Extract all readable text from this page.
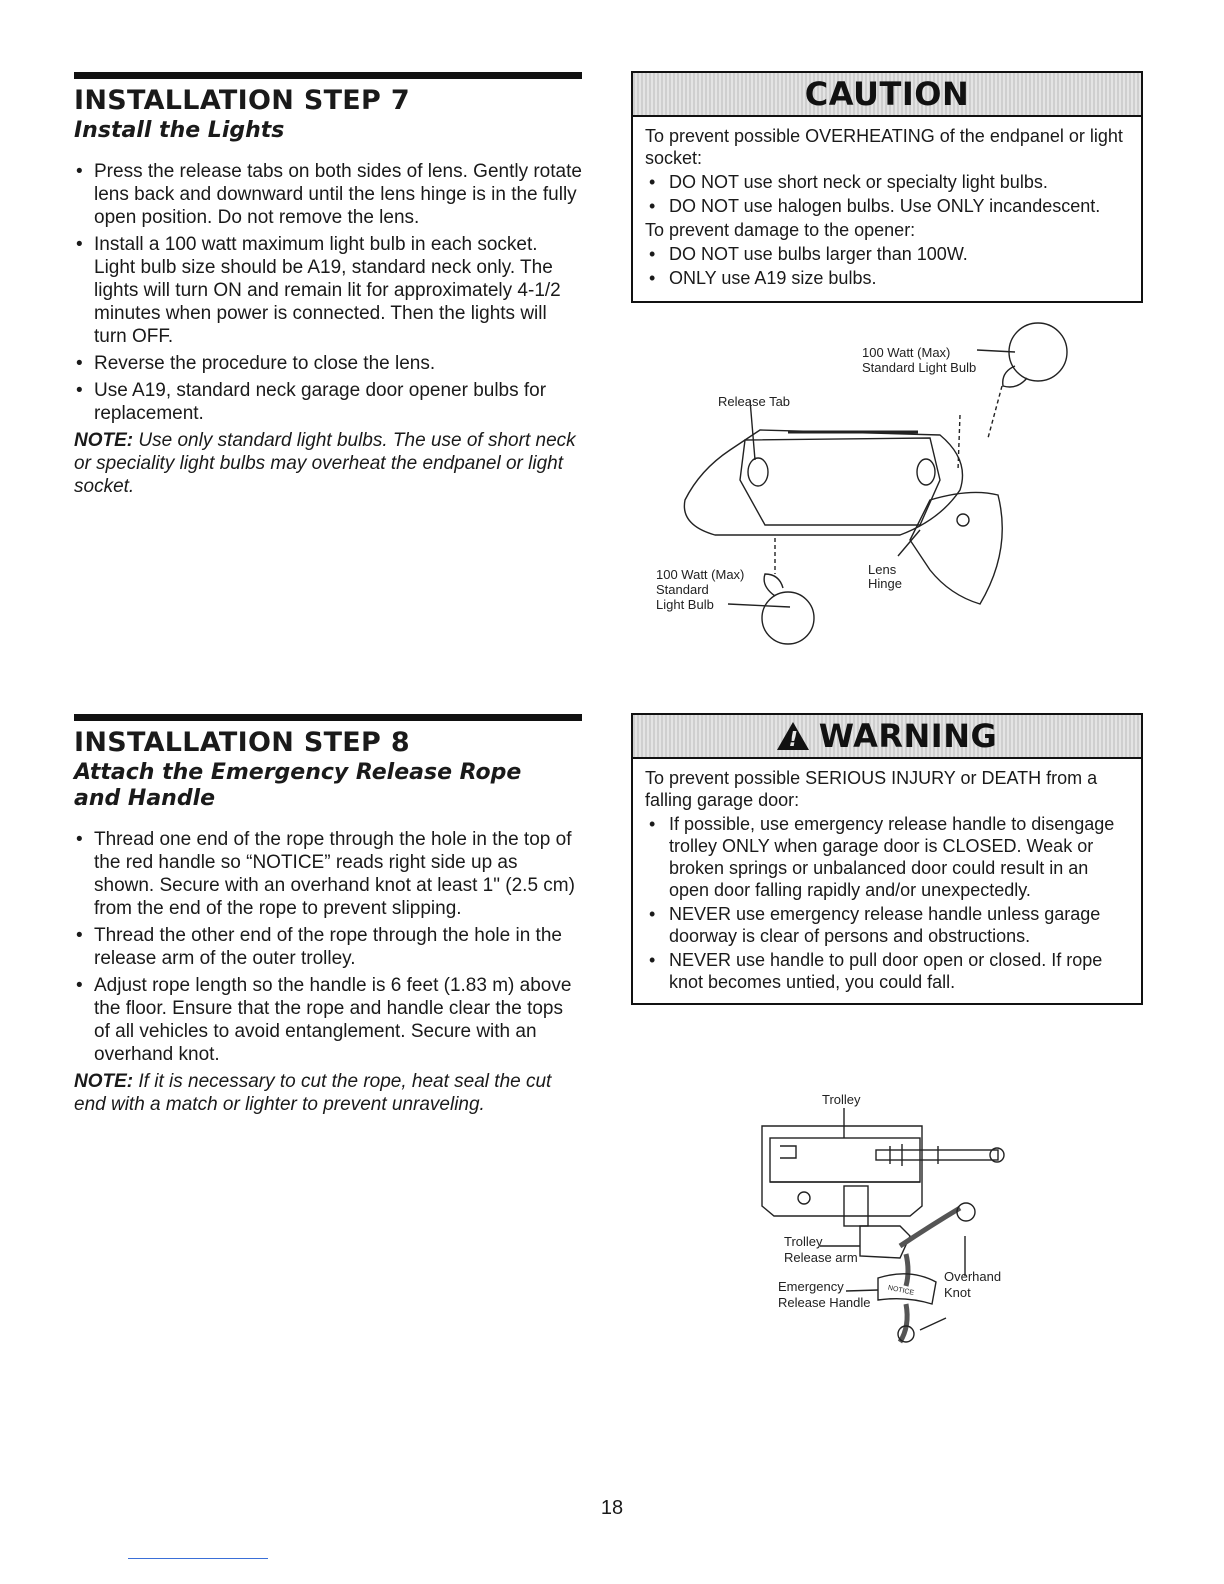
INSTALLATION STEP 7
Install the Lights
• Press the release tabs on both sides of lens. Gently rotate lens back and downward until the lens hinge is in the fully open position. Do not remove the lens.
• Install a 100 watt maximum light bulb in each socket. Light bulb size should be A19, standard neck only. The lights will turn ON and remain lit for approximately 4-1/2 minutes when power is connected. Then the lights will turn OFF.
• Reverse the procedure to close the lens.
• Use A19, standard neck garage door opener bulbs for replacement.
NOTE: Use only standard light bulbs. The use of short neck or speciality light bulbs may overheat the endpanel or light socket.
CAUTION

To prevent possible OVERHEATING of the endpanel or light socket:

• DO NOT use short neck or specialty light bulbs.
• DO NOT use halogen bulbs. Use ONLY incandescent.

To prevent damage to the opener:

• DO NOT use bulbs larger than 100W.
• ONLY use A19 size bulbs.
100 Watt (Max)
Standard Light Bulb
Release Tab
Lens
Hinge
100 Watt (Max)
Standard
Light Bulb
INSTALLATION STEP 8
Attach the Emergency Release Rope and Handle
• Thread one end of the rope through the hole in the top of the red handle so “NOTICE” reads right side up as shown. Secure with an overhand knot at least 1" (2.5 cm) from the end of the rope to prevent slipping.
• Thread the other end of the rope through the hole in the release arm of the outer trolley.
• Adjust rope length so the handle is 6 feet (1.83 m) above the floor. Ensure that the rope and handle clear the tops of all vehicles to avoid entanglement. Secure with an overhand knot.
NOTE: If it is necessary to cut the rope, heat seal the cut end with a match or lighter to prevent unraveling.
!
WARNING

To prevent possible SERIOUS INJURY or DEATH from a falling garage door:

• If possible, use emergency release handle to disengage trolley ONLY when garage door is CLOSED. Weak or broken springs or unbalanced door could result in an open door falling rapidly and/or unexpectedly.
• NEVER use emergency release handle unless garage doorway is clear of persons and obstructions.
• NEVER use handle to pull door open or closed. If rope knot becomes untied, you could fall.
Trolley
Trolley
Release arm
Emergency
Release Handle
Overhand
Knot
NOTICE
18
